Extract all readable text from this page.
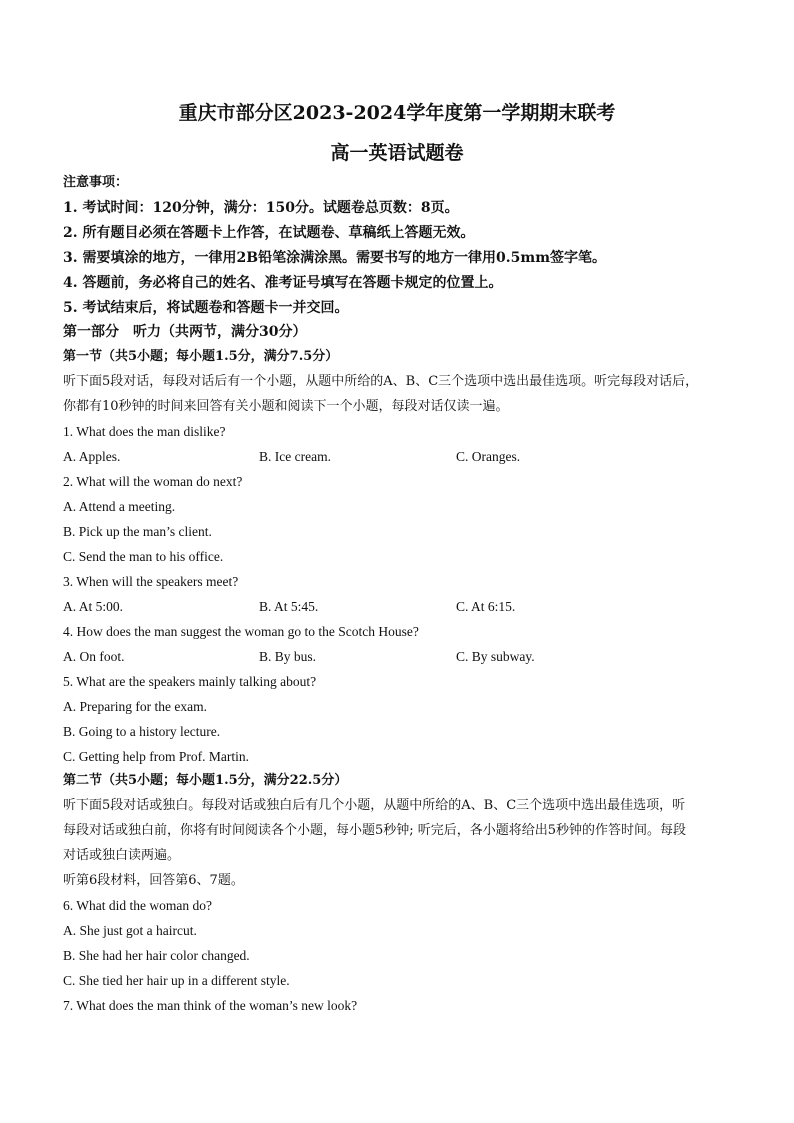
重庆市部分区2023-2024学年度第一学期期末联考
高一英语试题卷
注意事项：
1. 考试时间：120分钟，满分：150分。试题卷总页数：8页。
2. 所有题目必须在答题卡上作答，在试题卷、草稿纸上答题无效。
3. 需要填涂的地方，一律用2B铅笔涂满涂黑。需要书写的地方一律用0.5mm签字笔。
4. 答题前，务必将自己的姓名、准考证号填写在答题卡规定的位置上。
5. 考试结束后，将试题卷和答题卡一并交回。
第一部分　听力（共两节，满分30分）
第一节（共5小题；每小题1.5分，满分7.5分）
听下面5段对话，每段对话后有一个小题，从题中所给的A、B、C三个选项中选出最佳选项。听完每段对话后，
你都有10秒钟的时间来回答有关小题和阅读下一个小题，每段对话仅读一遍。
1. What does the man dislike?
A. Apples.	B. Ice cream.	C. Oranges.
2. What will the woman do next?
A. Attend a meeting.
B. Pick up the man’s client.
C. Send the man to his office.
3. When will the speakers meet?
A. At 5:00.	B. At 5:45.	C. At 6:15.
4. How does the man suggest the woman go to the Scotch House?
A. On foot.	B. By bus.	C. By subway.
5. What are the speakers mainly talking about?
A. Preparing for the exam.
B. Going to a history lecture.
C. Getting help from Prof. Martin.
第二节（共5小题；每小题1.5分，满分22.5分）
听下面5段对话或独白。每段对话或独白后有几个小题，从题中所给的A、B、C三个选项中选出最佳选项，听
每段对话或独白前，你将有时间阅读各个小题，每小题5秒钟; 听完后，各小题将给出5秒钟的作答时间。每段
对话或独白读两遍。
听第6段材料，回答第6、7题。
6. What did the woman do?
A. She just got a haircut.
B. She had her hair color changed.
C. She tied her hair up in a different style.
7. What does the man think of the woman’s new look?
